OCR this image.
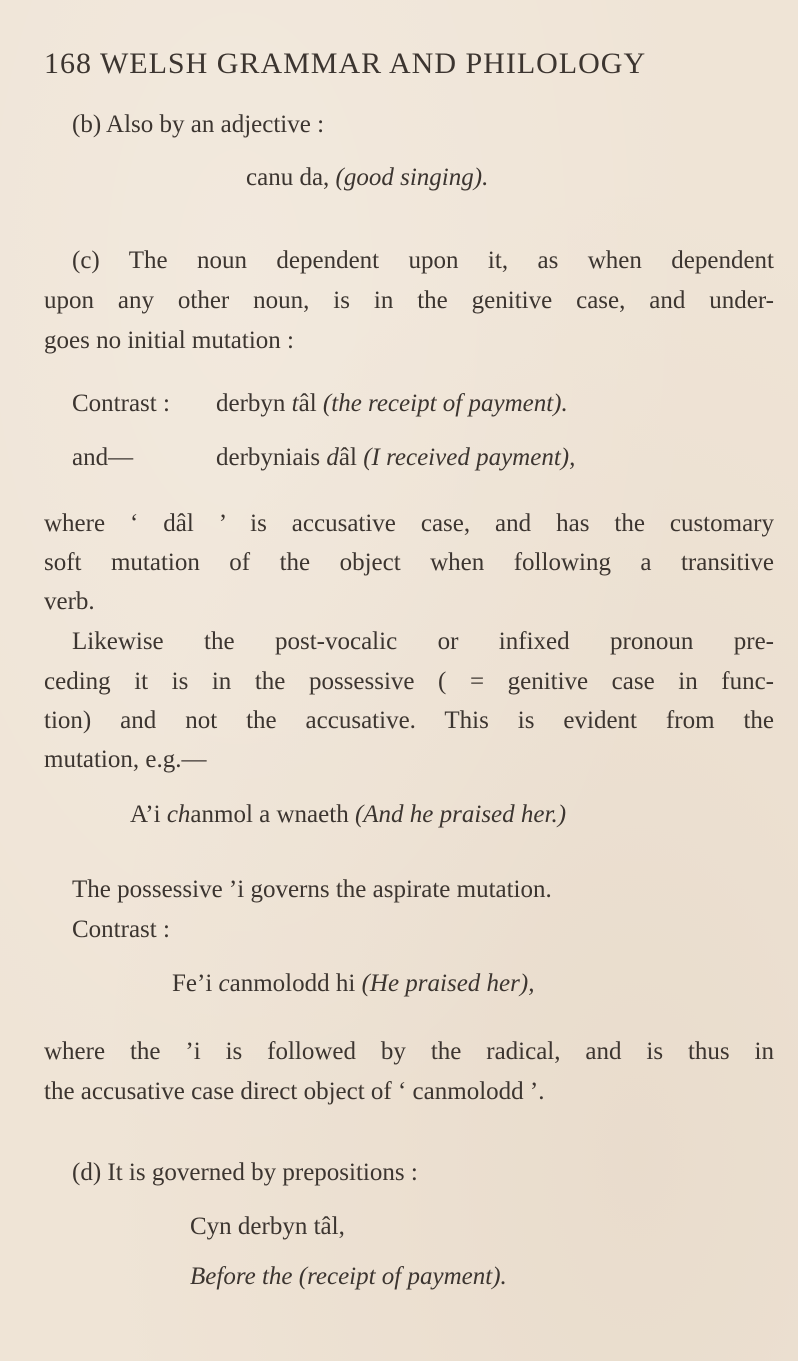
168 WELSH GRAMMAR AND PHILOLOGY
(b) Also by an adjective :
canu da, (good singing).
(c) The noun dependent upon it, as when dependent
upon any other noun, is in the genitive case, and under-
goes no initial mutation :
Contrast : derbyn tâl (the receipt of payment).
and—	derbyniais dâl (I received payment),
where ‘ dâl ’ is accusative case, and has the customary
soft mutation of the object when following a transitive
verb.
Likewise the post-vocalic or infixed pronoun pre-
ceding it is in the possessive ( = genitive case in func-
tion) and not the accusative. This is evident from the
mutation, e.g.—
A’i chanmol a wnaeth (And he praised her.)
The possessive ’i governs the aspirate mutation.
Contrast :
Fe’i canmolodd hi (He praised her),
where the ’i is followed by the radical, and is thus in
the accusative case direct object of ‘ canmolodd ’.
(d) It is governed by prepositions :
Cyn derbyn tâl,
Before the (receipt of payment).
